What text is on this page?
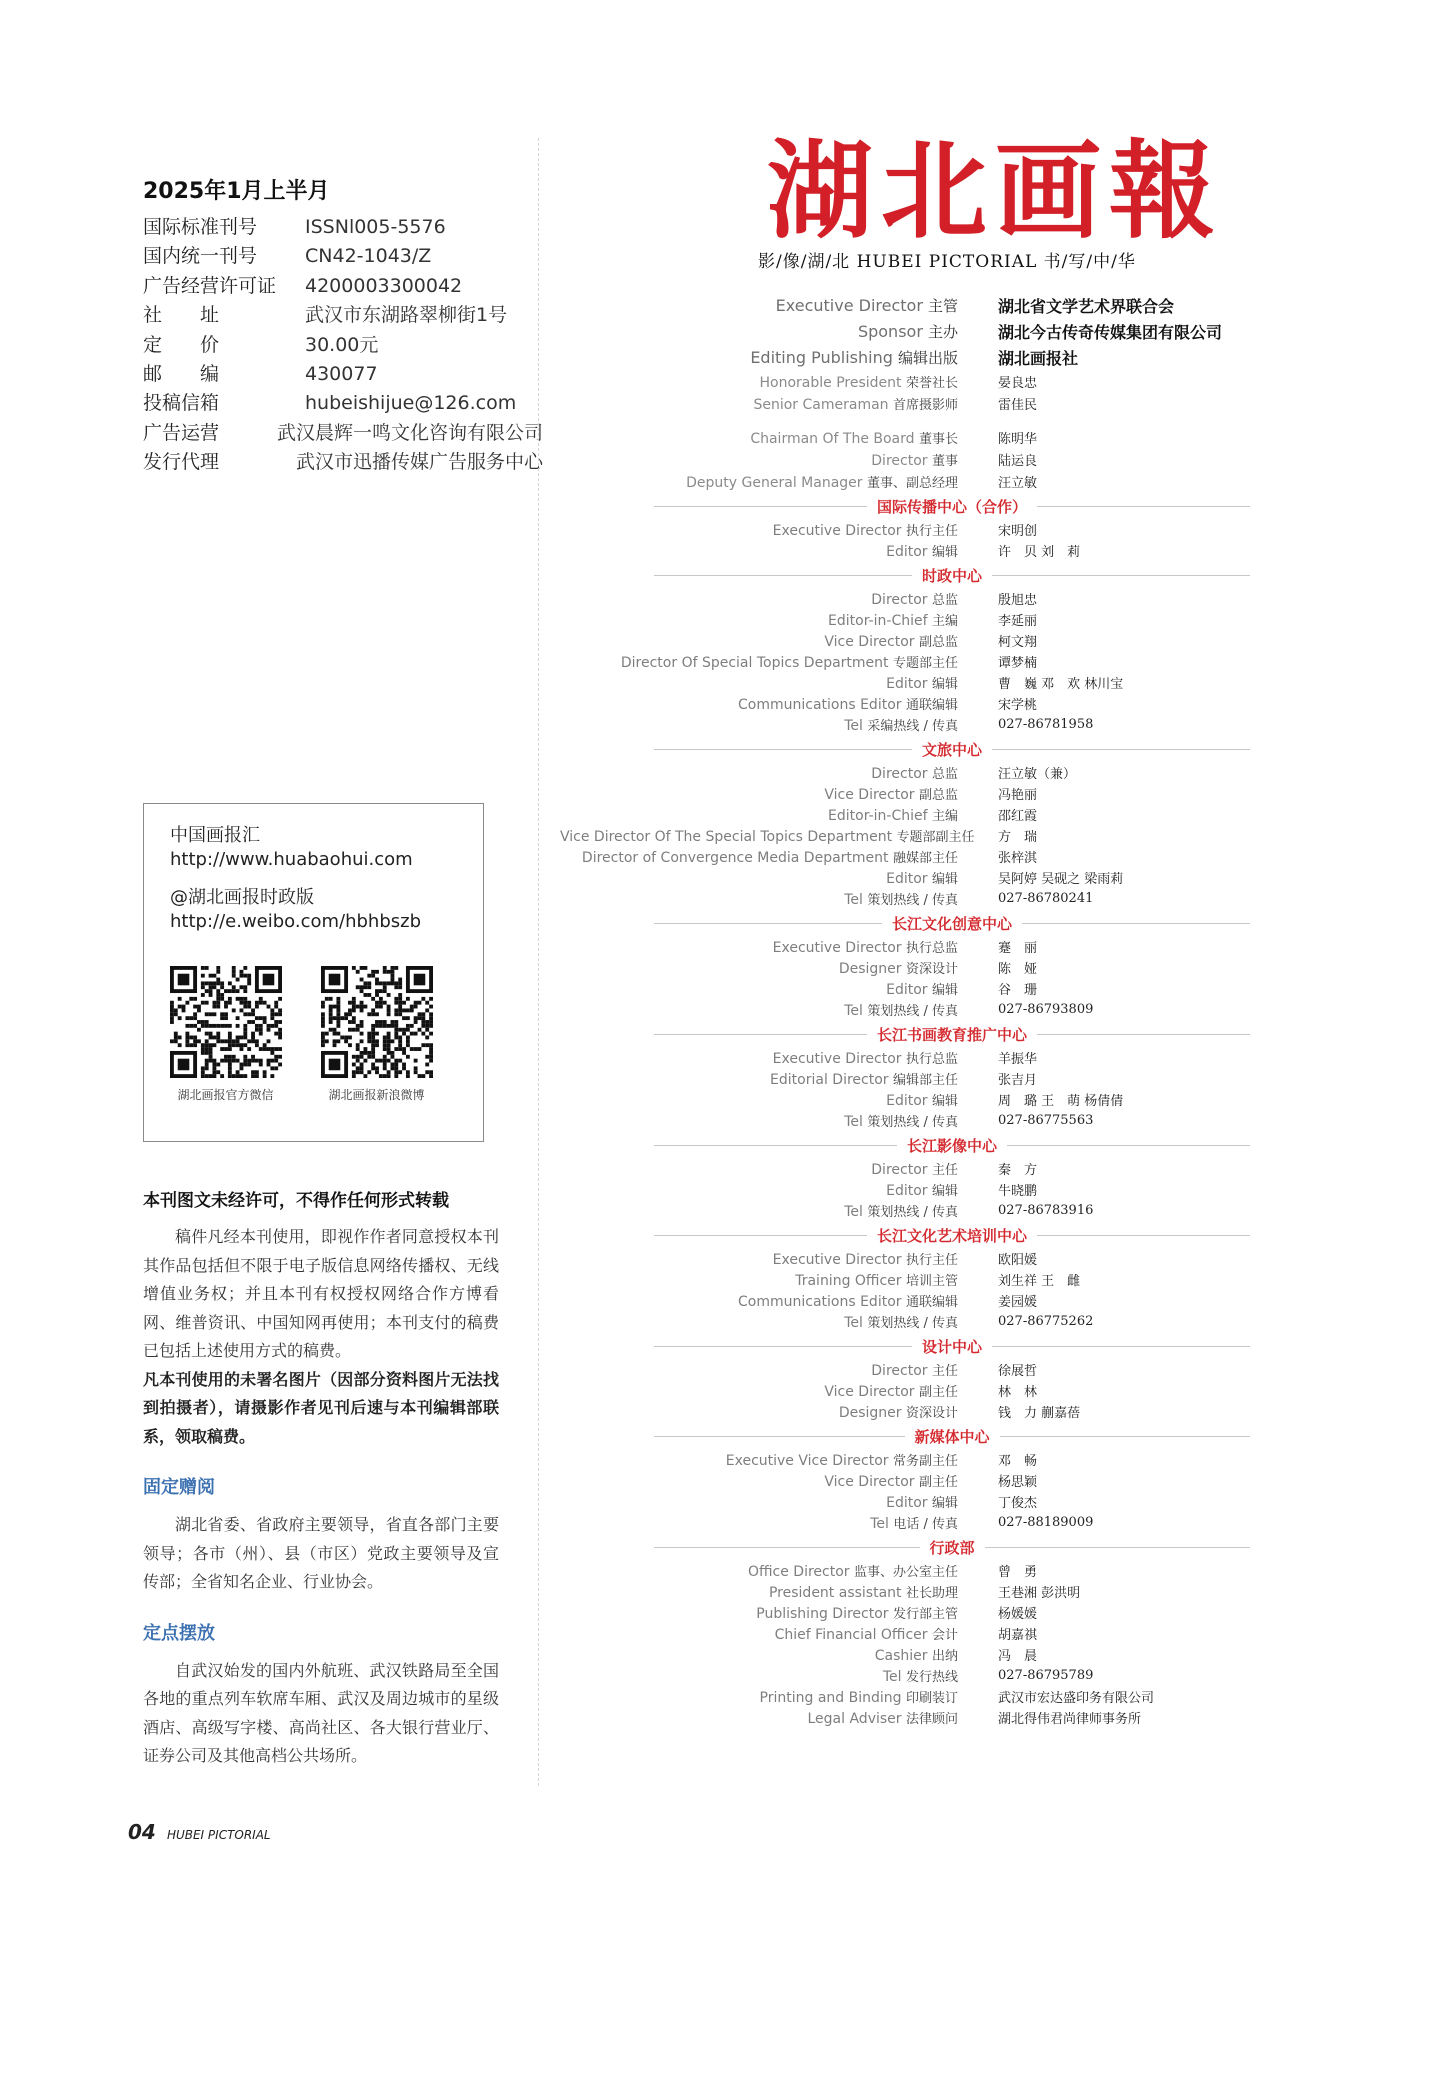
2025年1月上半月
国际标准刊号	ISSNl005-5576
国内统一刊号	CN42-1043/Z
广告经营许可证	4200003300042
社　　址	武汉市东湖路翠柳街1号
定　　价	30.00元
邮　　编	430077
投稿信箱	hubeishijue@126.com
广告运营	武汉晨辉一鸣文化咨询有限公司
发行代理	武汉市迅播传媒广告服务中心
中国画报汇
http://www.huabaohui.com
@湖北画报时政版
http://e.weibo.com/hbhbszb
湖北画报官方微信	湖北画报新浪微博
本刊图文未经许可，不得作任何形式转载

稿件凡经本刊使用，即视作作者同意授权本刊其作品包括但不限于电子版信息网络传播权、无线增值业务权；并且本刊有权授权网络合作方博看网、维普资讯、中国知网再使用；本刊支付的稿费已包括上述使用方式的稿费。

凡本刊使用的未署名图片（因部分资料图片无法找到拍摄者），请摄影作者见刊后速与本刊编辑部联系，领取稿费。

固定赠阅

湖北省委、省政府主要领导，省直各部门主要领导；各市（州）、县（市区）党政主要领导及宣传部；全省知名企业、行业协会。

定点摆放

自武汉始发的国内外航班、武汉铁路局至全国各地的重点列车软席车厢、武汉及周边城市的星级酒店、高级写字楼、高尚社区、各大银行营业厅、证券公司及其他高档公共场所。

04 HUBEI PICTORIAL
湖北画報
影/像/湖/北 HUBEI PICTORIAL 书/写/中/华
Executive Director 主管	湖北省文学艺术界联合会
Sponsor 主办	湖北今古传奇传媒集团有限公司
Editing Publishing 编辑出版	湖北画报社
Honorable President 荣誉社长	晏良忠
Senior Cameraman 首席摄影师	雷佳民
Chairman Of The Board 董事长	陈明华
Director 董事	陆运良
Deputy General Manager 董事、副总经理	汪立敏
国际传播中心（合作）
Executive Director 执行主任	宋明创
Editor 编辑	许　贝 刘　莉
时政中心
Director 总监	殷旭忠
Editor-in-Chief 主编	李延丽
Vice Director 副总监	柯文翔
Director Of Special Topics Department 专题部主任	谭梦楠
Editor 编辑	曹　巍 邓　欢 林川宝
Communications Editor 通联编辑	宋学桃
Tel 采编热线 / 传真	027-86781958
文旅中心
Director 总监	汪立敏（兼）
Vice Director 副总监	冯艳丽
Editor-in-Chief 主编	邵红霞
Vice Director Of The Special Topics Department 专题部副主任 方　瑞
Director of Convergence Media Department 融媒部主任	张梓淇
Editor 编辑	吴阿婷 吴砚之 梁雨莉
Tel 策划热线 / 传真	027-86780241
长江文化创意中心
Executive Director 执行总监	蹇　丽
Designer 资深设计	陈　娅
Editor 编辑	谷　珊
Tel 策划热线 / 传真	027-86793809
长江书画教育推广中心
Executive Director 执行总监	羊振华
Editorial Director 编辑部主任	张吉月
Editor 编辑	周　璐 王　萌 杨倩倩
Tel 策划热线 / 传真	027-86775563
长江影像中心
Director 主任	秦　方
Editor 编辑	牛晓鹏
Tel 策划热线 / 传真	027-86783916
长江文化艺术培训中心
Executive Director 执行主任	欧阳媛
Training Officer 培训主管	刘生祥 王　雌
Communications Editor 通联编辑	姜园媛
Tel 策划热线 / 传真	027-86775262
设计中心
Director 主任	徐展哲
Vice Director 副主任	林　林
Designer 资深设计	钱　力 蒯嘉蓓
新媒体中心
Executive Vice Director 常务副主任	邓　畅
Vice Director 副主任	杨思颖
Editor 编辑	丁俊杰
Tel 电话 / 传真	027-88189009
行政部
Office Director 监事、办公室主任	曾　勇
President assistant 社长助理	王巷湘 彭洪明
Publishing Director 发行部主管	杨媛媛
Chief Financial Officer 会计	胡嘉祺
Cashier 出纳	冯　晨
Tel 发行热线	027-86795789
Printing and Binding 印刷装订	武汉市宏达盛印务有限公司
Legal Adviser 法律顾问	湖北得伟君尚律师事务所
